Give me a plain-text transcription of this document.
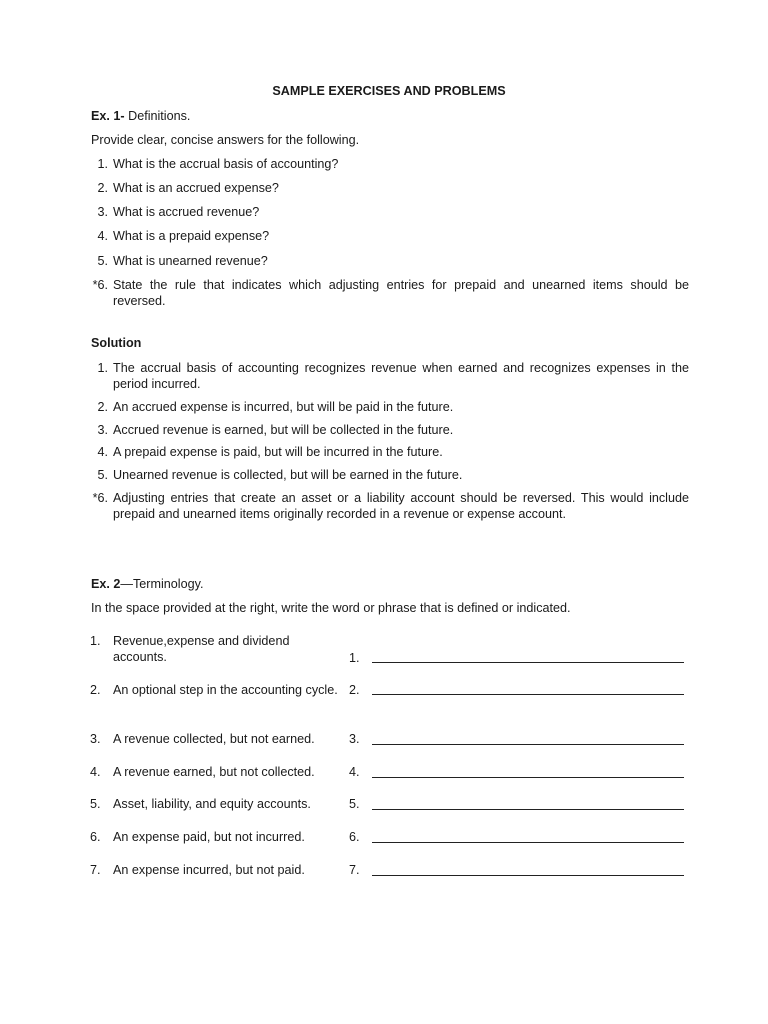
SAMPLE EXERCISES AND PROBLEMS
Ex. 1- Definitions.
Provide clear, concise answers for the following.
1. What is the accrual basis of accounting?
2. What is an accrued expense?
3. What is accrued revenue?
4. What is a prepaid expense?
5. What is unearned revenue?
*6. State the rule that indicates which adjusting entries for prepaid and unearned items should be reversed.
Solution
1. The accrual basis of accounting recognizes revenue when earned and recognizes expenses in the period incurred.
2. An accrued expense is incurred, but will be paid in the future.
3. Accrued revenue is earned, but will be collected in the future.
4. A prepaid expense is paid, but will be incurred in the future.
5. Unearned revenue is collected, but will be earned in the future.
*6. Adjusting entries that create an asset or a liability account should be reversed. This would include prepaid and unearned items originally recorded in a revenue or expense account.
Ex. 2—Terminology.
In the space provided at the right, write the word or phrase that is defined or indicated.
1. Revenue,expense and dividend accounts.	1.
2. An optional step in the accounting cycle. 2.
3. A revenue collected, but not earned.	3.
4. A revenue earned, but not collected.	4.
5. Asset, liability, and equity accounts.	5.
6. An expense paid, but not incurred.	6.
7. An expense incurred, but not paid.	7.
